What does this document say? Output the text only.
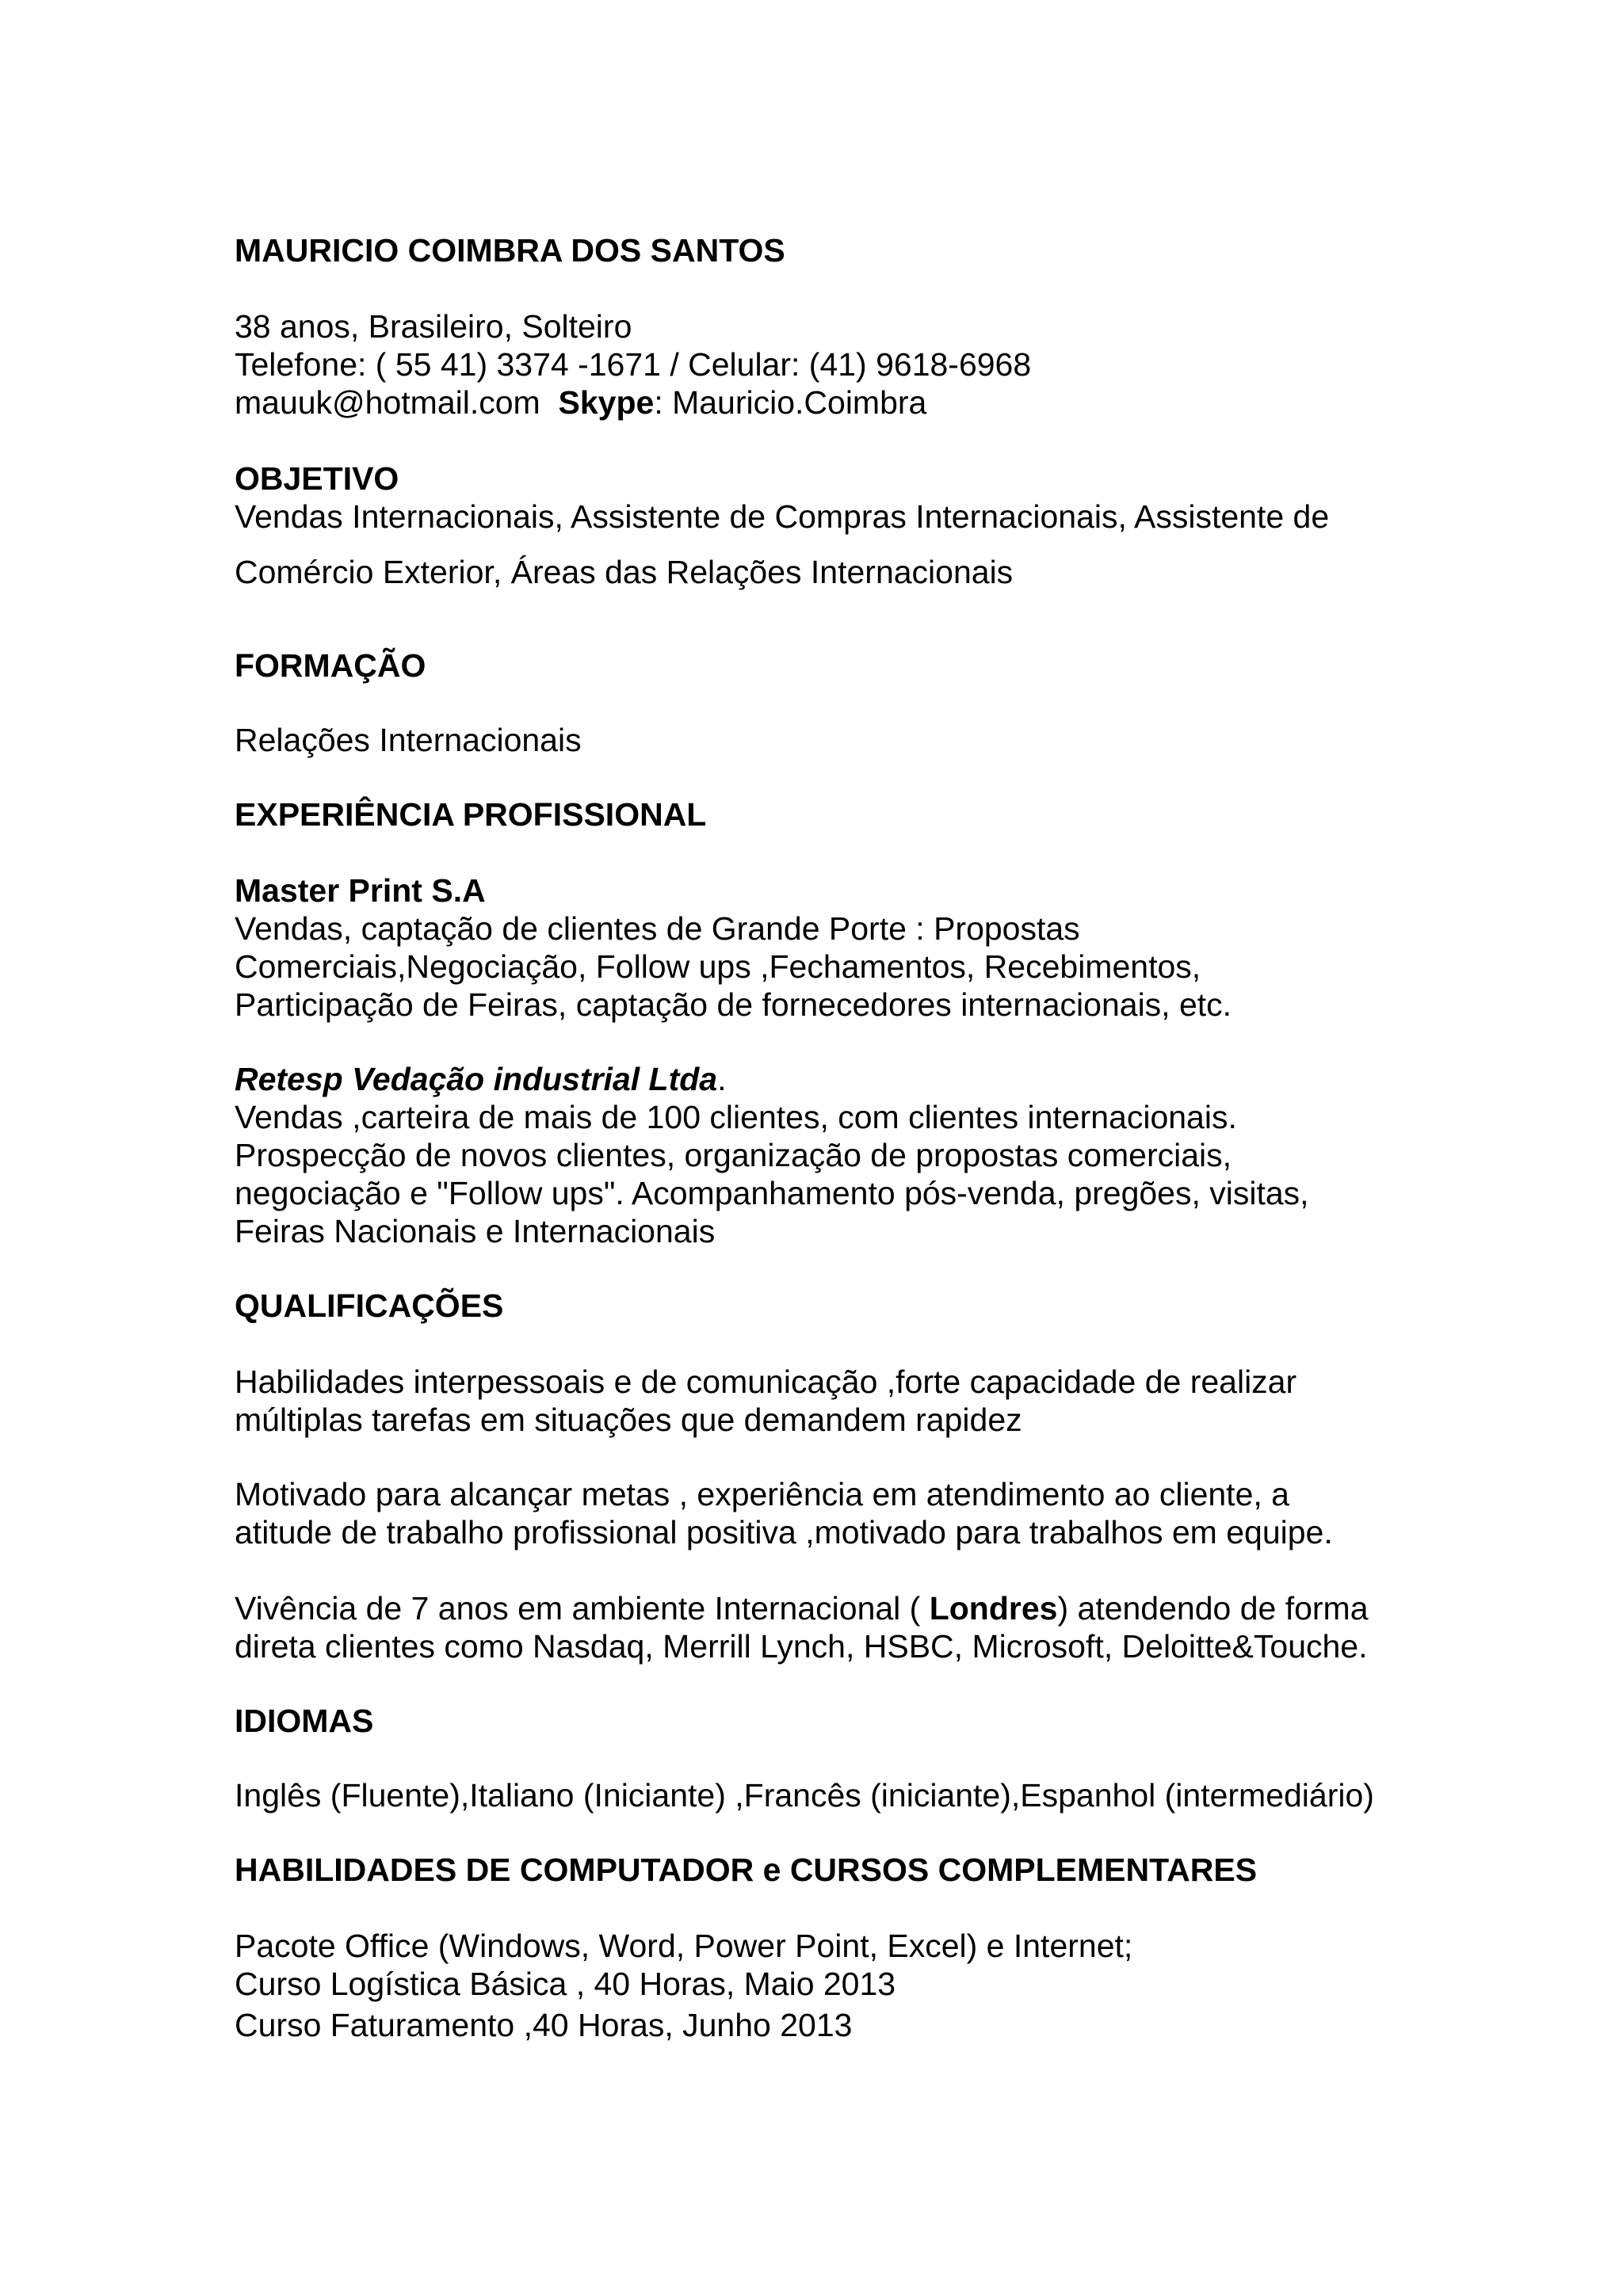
MAURICIO COIMBRA DOS SANTOS
38 anos, Brasileiro, Solteiro
Telefone: ( 55 41) 3374 -1671 / Celular: (41) 9618-6968
mauuk@hotmail.com Skype: Mauricio.Coimbra
OBJETIVO
Vendas Internacionais, Assistente de Compras Internacionais, Assistente de
Comércio Exterior, Áreas das Relações Internacionais
FORMAÇÃO
Relações Internacionais
EXPERIÊNCIA PROFISSIONAL
Master Print S.A
Vendas, captação de clientes de Grande Porte : Propostas
Comerciais,Negociação, Follow ups ,Fechamentos, Recebimentos,
Participação de Feiras, captação de fornecedores internacionais, etc.
Retesp Vedação industrial Ltda.
Vendas ,carteira de mais de 100 clientes, com clientes internacionais.
Prospecção de novos clientes, organização de propostas comerciais,
negociação e "Follow ups". Acompanhamento pós-venda, pregões, visitas,
Feiras Nacionais e Internacionais
QUALIFICAÇÕES
Habilidades interpessoais e de comunicação ,forte capacidade de realizar
múltiplas tarefas em situações que demandem rapidez
Motivado para alcançar metas , experiência em atendimento ao cliente, a
atitude de trabalho profissional positiva ,motivado para trabalhos em equipe.
Vivência de 7 anos em ambiente Internacional ( Londres) atendendo de forma
direta clientes como Nasdaq, Merrill Lynch, HSBC, Microsoft, Deloitte&Touche.
IDIOMAS
Inglês (Fluente),Italiano (Iniciante) ,Francês (iniciante),Espanhol (intermediário)
HABILIDADES DE COMPUTADOR e CURSOS COMPLEMENTARES
Pacote Office (Windows, Word, Power Point, Excel) e Internet;
Curso Logística Básica , 40 Horas, Maio 2013
Curso Faturamento ,40 Horas, Junho 2013
